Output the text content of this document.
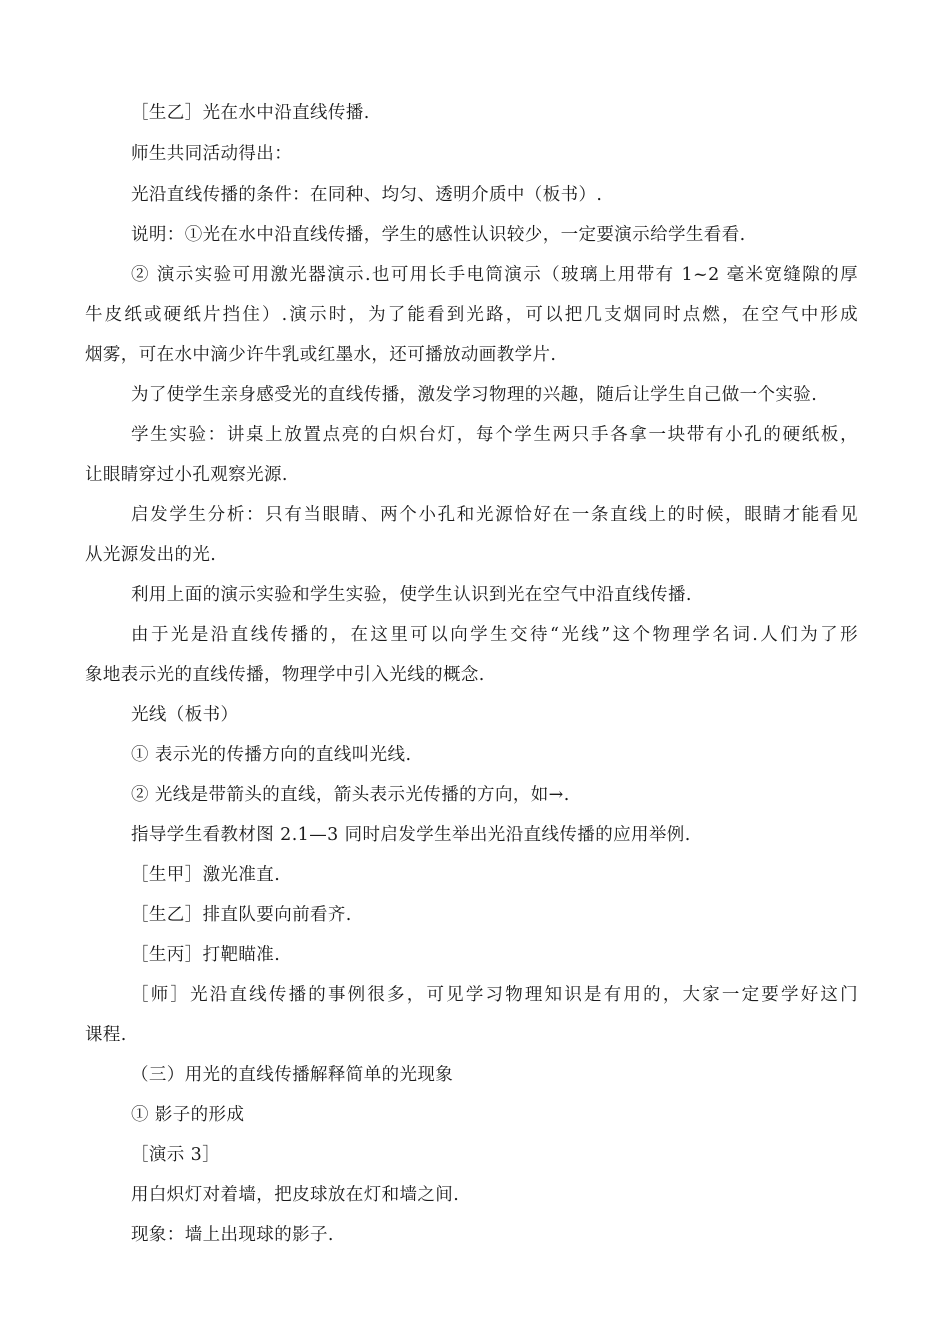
［生乙］光在水中沿直线传播.
师生共同活动得出：
光沿直线传播的条件：在同种、均匀、透明介质中（板书）.
说明：①光在水中沿直线传播，学生的感性认识较少，一定要演示给学生看看.
② 演示实验可用激光器演示.也可用长手电筒演示（玻璃上用带有 1~2 毫米宽缝隙的厚
牛皮纸或硬纸片挡住）.演示时，为了能看到光路，可以把几支烟同时点燃，在空气中形成
烟雾，可在水中滴少许牛乳或红墨水，还可播放动画教学片.
为了使学生亲身感受光的直线传播，激发学习物理的兴趣，随后让学生自己做一个实验.
学生实验：讲桌上放置点亮的白炽台灯，每个学生两只手各拿一块带有小孔的硬纸板，
让眼睛穿过小孔观察光源.
启发学生分析：只有当眼睛、两个小孔和光源恰好在一条直线上的时候，眼睛才能看见
从光源发出的光.
利用上面的演示实验和学生实验，使学生认识到光在空气中沿直线传播.
由于光是沿直线传播的，在这里可以向学生交待“光线”这个物理学名词.人们为了形
象地表示光的直线传播，物理学中引入光线的概念.
光线（板书）
① 表示光的传播方向的直线叫光线.
② 光线是带箭头的直线，箭头表示光传播的方向，如→.
指导学生看教材图 2.1—3 同时启发学生举出光沿直线传播的应用举例.
［生甲］激光准直.
［生乙］排直队要向前看齐.
［生丙］打靶瞄准.
［师］光沿直线传播的事例很多，可见学习物理知识是有用的，大家一定要学好这门
课程.
（三）用光的直线传播解释简单的光现象
① 影子的形成
［演示 3］
用白炽灯对着墙，把皮球放在灯和墙之间.
现象：墙上出现球的影子.
